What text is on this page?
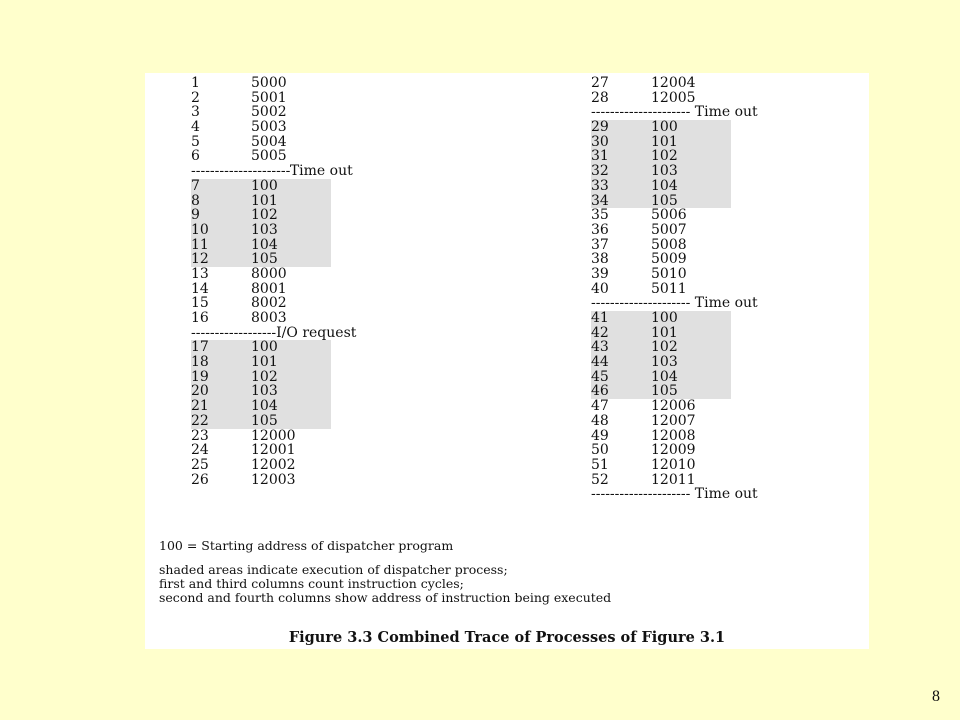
1	5000
2	5001
3	5002
4	5003
5	5004
6	5005
---------------------Time out
7	100
8	101
9	102
10	103
11	104
12	105
13	8000
14	8001
15	8002
16	8003
------------------I/O request
17	100
18	101
19	102
20	103
21	104
22	105
23	12000
24	12001
25	12002
26	12003
27	12004
28	12005
--------------------- Time out
29	100
30	101
31	102
32	103
33	104
34	105
35	5006
36	5007
37	5008
38	5009
39	5010
40	5011
--------------------- Time out
41	100
42	101
43	102
44	103
45	104
46	105
47	12006
48	12007
49	12008
50	12009
51	12010
52	12011
--------------------- Time out
100 = Starting address of dispatcher program
shaded areas indicate execution of dispatcher process;
first and third columns count instruction cycles;
second and fourth columns show address of instruction being executed
Figure 3.3 Combined Trace of Processes of Figure 3.1
8
